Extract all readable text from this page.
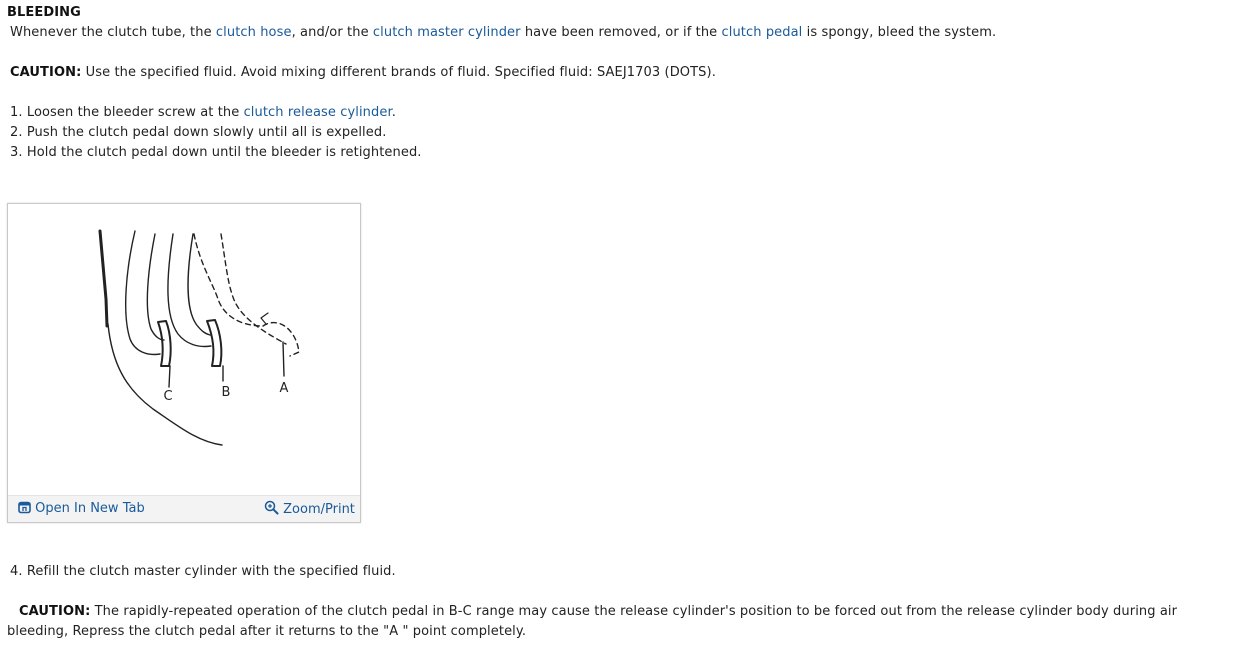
BLEEDING
Whenever the clutch tube, the clutch hose, and/or the clutch master cylinder have been removed, or if the clutch pedal is spongy, bleed the system.
CAUTION: Use the specified fluid. Avoid mixing different brands of fluid. Specified fluid: SAEJ1703 (DOTS).
1. Loosen the bleeder screw at the clutch release cylinder.
2. Push the clutch pedal down slowly until all is expelled.
3. Hold the clutch pedal down until the bleeder is retightened.
C	B	A
Open In New Tab	Zoom/Print
4. Refill the clutch master cylinder with the specified fluid.
CAUTION: The rapidly-repeated operation of the clutch pedal in B-C range may cause the release cylinder's position to be forced out from the release cylinder body during air bleeding, Repress the clutch pedal after it returns to the "A " point completely.
